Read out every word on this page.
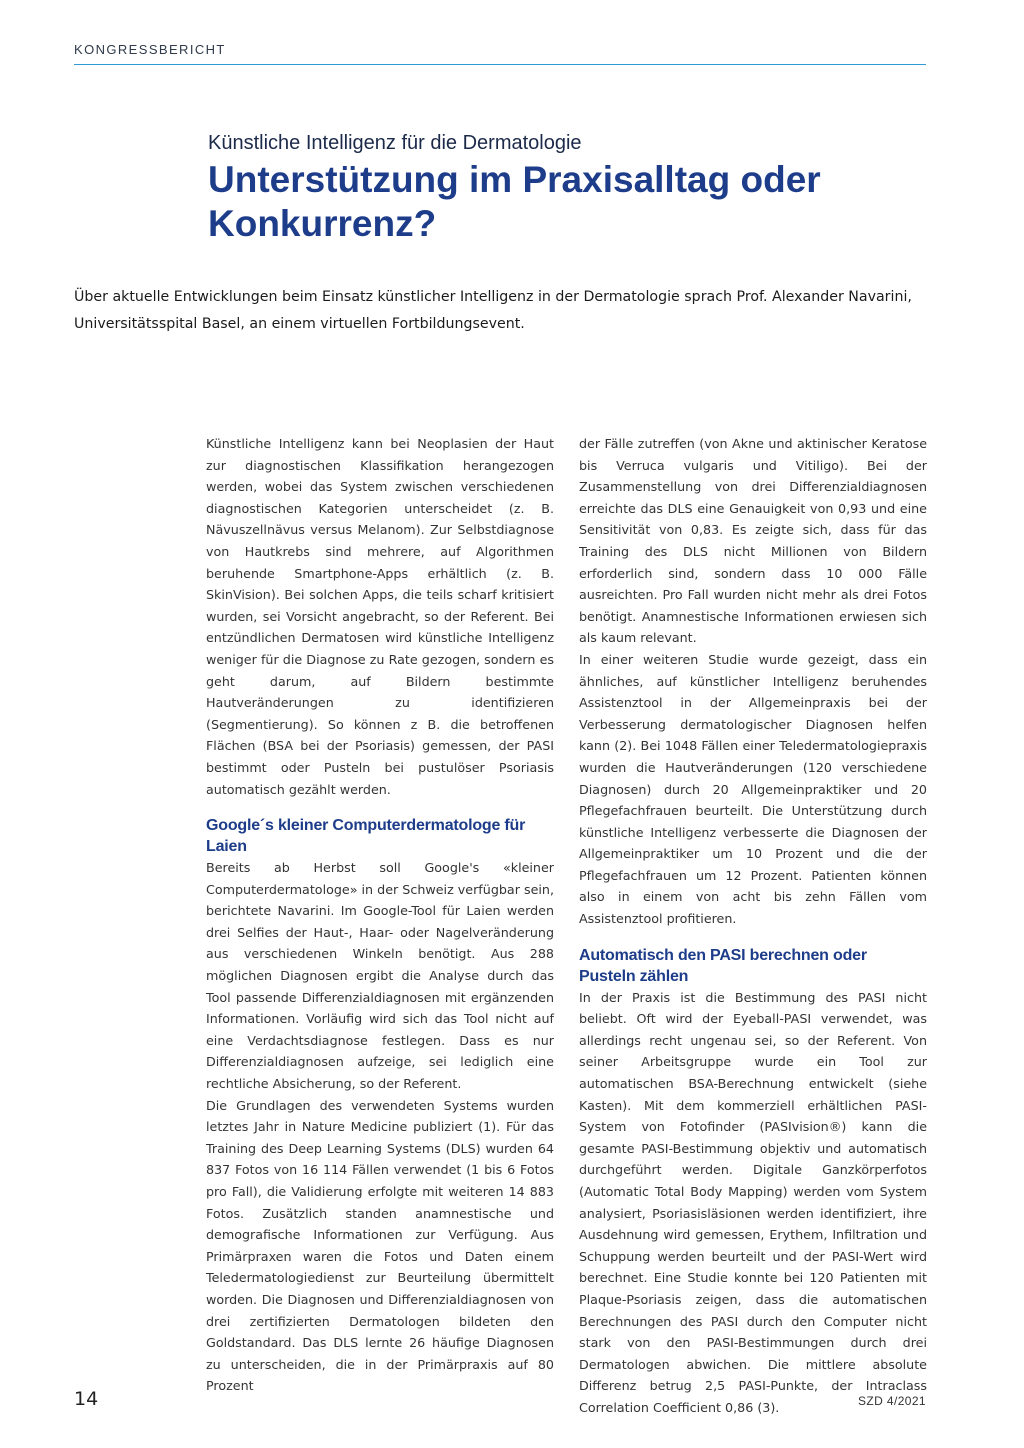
KONGRESSBERICHT
Künstliche Intelligenz für die Dermatologie
Unterstützung im Praxisalltag oder Konkurrenz?

Über aktuelle Entwicklungen beim Einsatz künstlicher Intelligenz in der Dermatologie sprach Prof. Alexander Navarini, Universitätsspital Basel, an einem virtuellen Fortbildungsevent.

Künstliche Intelligenz kann bei Neoplasien der Haut zur diagnostischen Klassifikation herangezogen werden, wobei das System zwischen verschiedenen diagnostischen Kategorien unterscheidet (z. B. Nävuszellnävus versus Melanom). Zur Selbstdiagnose von Hautkrebs sind mehrere, auf Algorithmen beruhende Smartphone-Apps erhältlich (z. B. SkinVision). Bei solchen Apps, die teils scharf kritisiert wurden, sei Vorsicht angebracht, so der Referent. Bei entzündlichen Dermatosen wird künstliche Intelligenz weniger für die Diagnose zu Rate gezogen, sondern es geht darum, auf Bildern bestimmte Hautveränderungen zu identifizieren (Segmentierung). So können z B. die betroffenen Flächen (BSA bei der Psoriasis) gemessen, der PASI bestimmt oder Pusteln bei pustulöser Psoriasis automatisch gezählt werden.

Google´s kleiner Computerdermatologe für Laien

Bereits ab Herbst soll Google's «kleiner Computerdermatologe» in der Schweiz verfügbar sein, berichtete Navarini. Im Google-Tool für Laien werden drei Selfies der Haut-, Haar- oder Nagelveränderung aus verschiedenen Winkeln benötigt. Aus 288 möglichen Diagnosen ergibt die Analyse durch das Tool passende Differenzialdiagnosen mit ergänzenden Informationen. Vorläufig wird sich das Tool nicht auf eine Verdachtsdiagnose festlegen. Dass es nur Differenzialdiagnosen aufzeige, sei lediglich eine rechtliche Absicherung, so der Referent.

Die Grundlagen des verwendeten Systems wurden letztes Jahr in Nature Medicine publiziert (1). Für das Training des Deep Learning Systems (DLS) wurden 64 837 Fotos von 16 114 Fällen verwendet (1 bis 6 Fotos pro Fall), die Validierung erfolgte mit weiteren 14 883 Fotos. Zusätzlich standen anamnestische und demografische Informationen zur Verfügung. Aus Primärpraxen waren die Fotos und Daten einem Teledermatologiedienst zur Beurteilung übermittelt worden. Die Diagnosen und Differenzialdiagnosen von drei zertifizierten Dermatologen bildeten den Goldstandard. Das DLS lernte 26 häufige Diagnosen zu unterscheiden, die in der Primärpraxis auf 80 Prozent

der Fälle zutreffen (von Akne und aktinischer Keratose bis Verruca vulgaris und Vitiligo). Bei der Zusammenstellung von drei Differenzialdiagnosen erreichte das DLS eine Genauigkeit von 0,93 und eine Sensitivität von 0,83. Es zeigte sich, dass für das Training des DLS nicht Millionen von Bildern erforderlich sind, sondern dass 10 000 Fälle ausreichten. Pro Fall wurden nicht mehr als drei Fotos benötigt. Anamnestische Informationen erwiesen sich als kaum relevant.

In einer weiteren Studie wurde gezeigt, dass ein ähnliches, auf künstlicher Intelligenz beruhendes Assistenztool in der Allgemeinpraxis bei der Verbesserung dermatologischer Diagnosen helfen kann (2). Bei 1048 Fällen einer Teledermatologiepraxis wurden die Hautveränderungen (120 verschiedene Diagnosen) durch 20 Allgemeinpraktiker und 20 Pflegefachfrauen beurteilt. Die Unterstützung durch künstliche Intelligenz verbesserte die Diagnosen der Allgemeinpraktiker um 10 Prozent und die der Pflegefachfrauen um 12 Prozent. Patienten können also in einem von acht bis zehn Fällen vom Assistenztool profitieren.

Automatisch den PASI berechnen oder Pusteln zählen

In der Praxis ist die Bestimmung des PASI nicht beliebt. Oft wird der Eyeball-PASI verwendet, was allerdings recht ungenau sei, so der Referent. Von seiner Arbeitsgruppe wurde ein Tool zur automatischen BSA-Berechnung entwickelt (siehe Kasten). Mit dem kommerziell erhältlichen PASI-System von Fotofinder (PASIvision®) kann die gesamte PASI-Bestimmung objektiv und automatisch durchgeführt werden. Digitale Ganzkörperfotos (Automatic Total Body Mapping) werden vom System analysiert, Psoriasisläsionen werden identifiziert, ihre Ausdehnung wird gemessen, Erythem, Infiltration und Schuppung werden beurteilt und der PASI-Wert wird berechnet. Eine Studie konnte bei 120 Patienten mit Plaque-Psoriasis zeigen, dass die automatischen Berechnungen des PASI durch den Computer nicht stark von den PASI-Bestimmungen durch drei Dermatologen abwichen. Die mittlere absolute Differenz betrug 2,5 PASI-Punkte, der Intraclass Correlation Coefficient 0,86 (3).

14	SZD 4/2021
